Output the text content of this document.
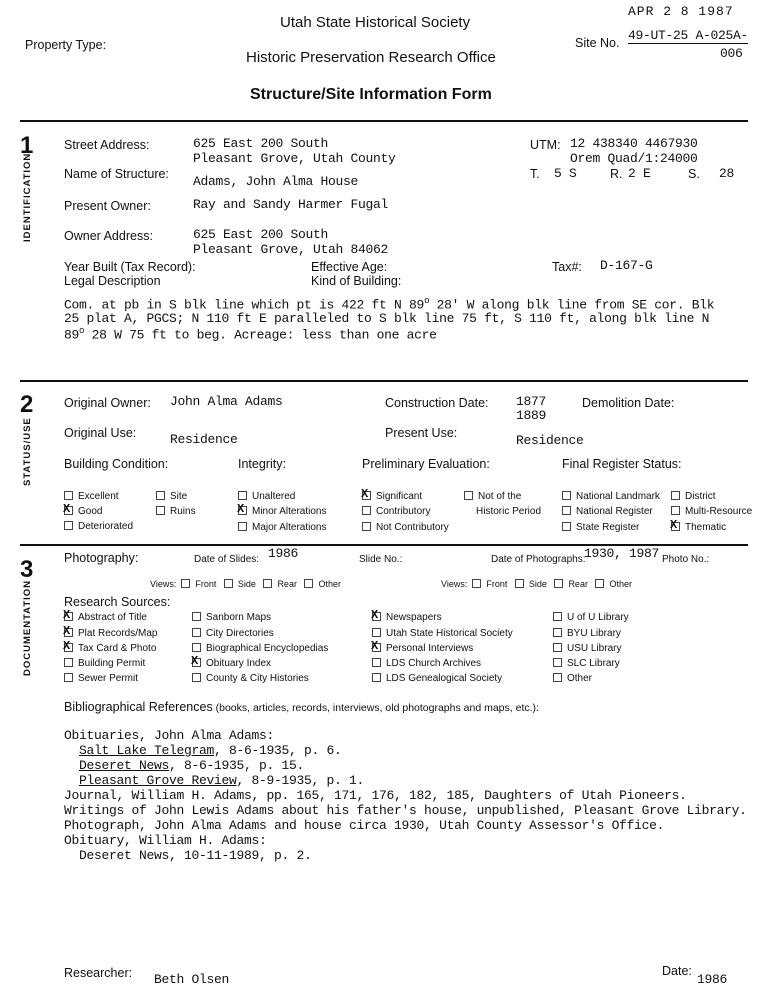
Utah State Historical Society
Historic Preservation Research Office
Property Type:	Site No.
APR 2 8 1987
49-UT-25 A-025A-
006
Structure/Site Information Form
1
IDENTIFICATION
Street Address:	625 East 200 South
Pleasant Grove, Utah County
Name of Structure: Adams, John Alma House
Present Owner:	Ray and Sandy Harmer Fugal
Owner Address:	625 East 200 South
Pleasant Grove, Utah 84062
UTM: 12 438340 4467930
Orem Quad/1:24000
T. 5 S	R. 2 E	S. 28
Year Built (Tax Record):	Effective Age:	Tax#: D-167-G
Legal Description	Kind of Building:
Com. at pb in S blk line which pt is 422 ft N 89$^o$ 28' W along blk line from SE cor. Blk
25 plat A, PGCS; N 110 ft E paralleled to S blk line 75 ft, S 110 ft, along blk line N
89$^o$ 28 W 75 ft to beg. Acreage: less than one acre
2
STATUS/USE
Original Owner: John Alma Adams	Construction Date: 1877
1889
Demolition Date:
Original Use:	Residence	Present Use:	Residence
Building Condition:	Integrity:	Preliminary Evaluation:	Final Register Status:
Excellent
XGood
Deteriorated
Site
Ruins
Unaltered
XMinor Alterations
Major Alterations
XSignificant
Contributory
Not Contributory
Not of the
Historic Period
National Landmark
National Register
State Register
District
Multi-Resource
XThematic
3
DOCUMENTATION
Photography:	Date of Slides: 1986	Slide No.:	Date of Photographs:
1930, 1987 Photo No.:
Views: Front Side Rear Other	Views: Front Side Rear Other
Research Sources:
XAbstract of Title
XPlat Records/Map
XTax Card & Photo
Building Permit
Sewer Permit
Sanborn Maps
City Directories
Biographical Encyclopedias
XObituary Index
County & City Histories
XNewspapers
Utah State Historical Society
XPersonal Interviews
LDS Church Archives
LDS Genealogical Society
U of U Library
BYU Library
USU Library
SLC Library
Other
Bibliographical References (books, articles, records, interviews, old photographs and maps, etc.):
Obituaries, John Alma Adams:
Salt Lake Telegram, 8-6-1935, p. 6.
Deseret News, 8-6-1935, p. 15.
Pleasant Grove Review, 8-9-1935, p. 1.
Journal, William H. Adams, pp. 165, 171, 176, 182, 185, Daughters of Utah Pioneers.
Writings of John Lewis Adams about his father's house, unpublished, Pleasant Grove Library.
Photograph, John Alma Adams and house circa 1930, Utah County Assessor's Office.
Obituary, William H. Adams:
Deseret News, 10-11-1989, p. 2.
Researcher: Beth Olsen
Date:
1986
